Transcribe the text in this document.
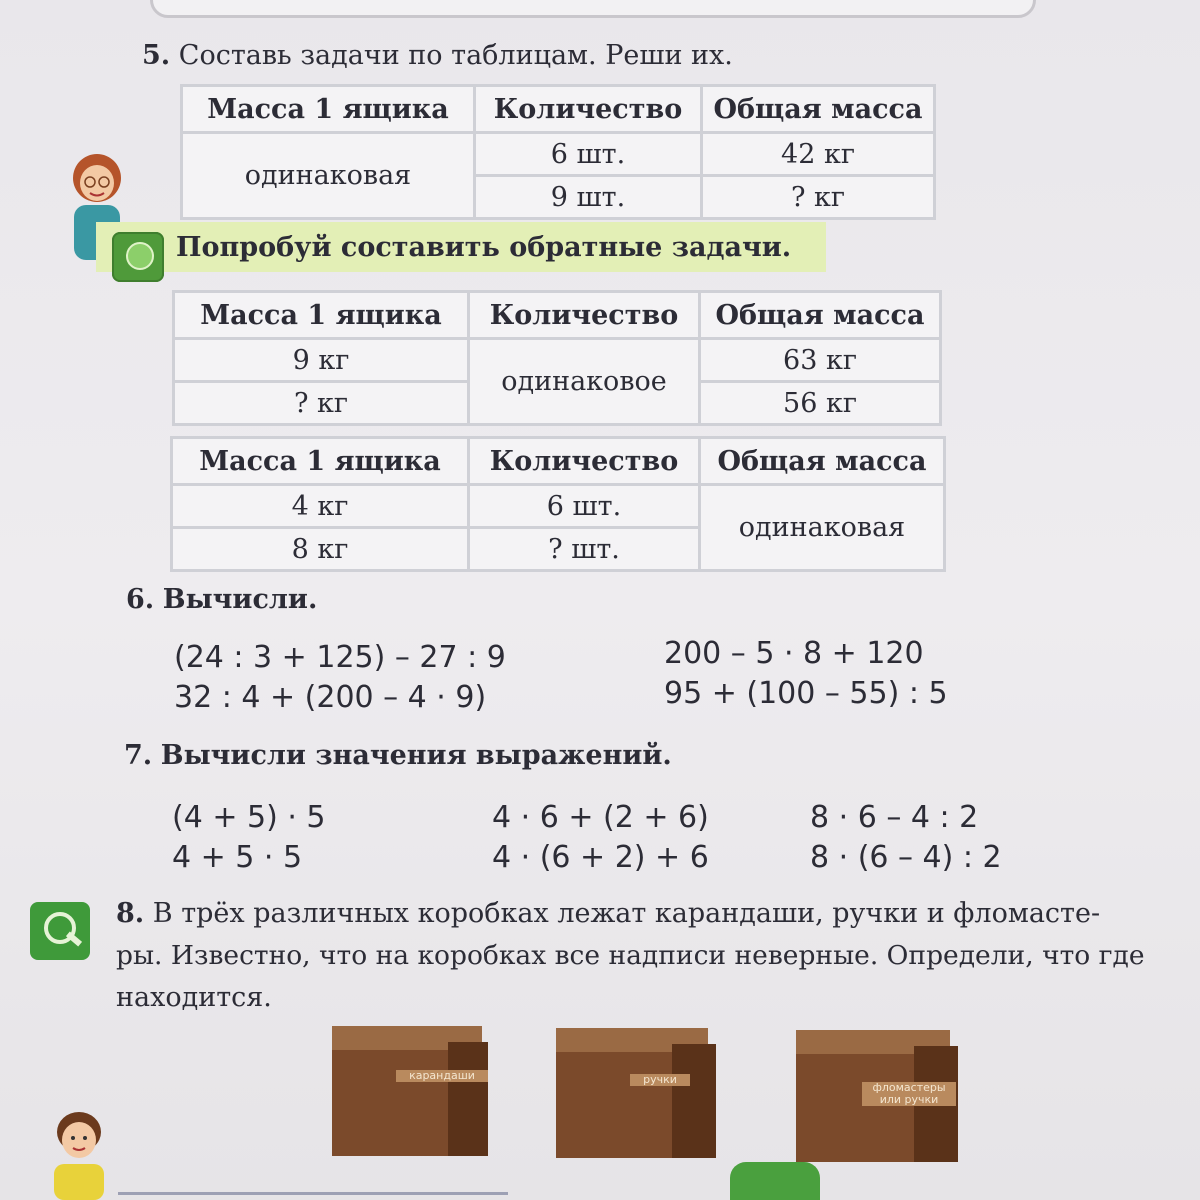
5. Составь задачи по таблицам. Реши их.
Масса 1 ящика	Количество	Общая масса
одинаковая	6 шт.	42 кг
	9 шт.	? кг
Попробуй составить обратные задачи.
Масса 1 ящика	Количество	Общая масса
9 кг	одинаковое	63 кг
? кг		56 кг
Масса 1 ящика	Количество	Общая масса
4 кг	6 шт.	одинаковая
8 кг	? шт.	
6. Вычисли.
(24 : 3 + 125) – 27 : 9
32 : 4 + (200 – 4 · 9)
200 – 5 · 8 + 120
95 + (100 – 55) : 5
7. Вычисли значения выражений.
(4 + 5) · 5
4 + 5 · 5
4 · 6 + (2 + 6)
4 · (6 + 2) + 6
8 · 6 – 4 : 2
8 · (6 – 4) : 2
8. В трёх различных коробках лежат карандаши, ручки и фломасте-
ры. Известно, что на коробках все надписи неверные. Определи, что где
находится.
карандаши	ручки
фломастеры или ручки
